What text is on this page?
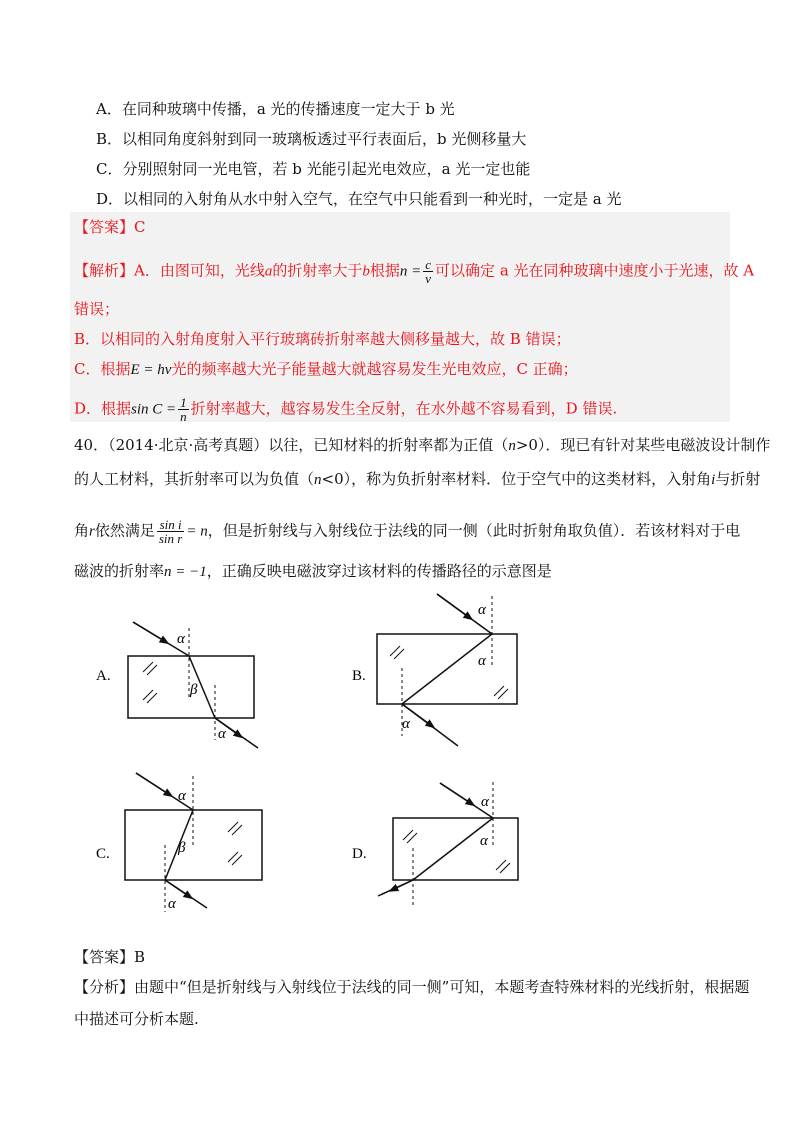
A．在同种玻璃中传播，a 光的传播速度一定大于 b 光
B．以相同角度斜射到同一玻璃板透过平行表面后，b 光侧移量大
C．分别照射同一光电管，若 b 光能引起光电效应，a 光一定也能
D．以相同的入射角从水中射入空气，在空气中只能看到一种光时，一定是 a 光
【答案】C
【解析】A．由图可知，光线a的折射率大于b根据$n = \frac{c}{v}$ 可以确定 a 光在同种玻璃中速度小于光速，故 A
错误；
B．以相同的入射角度射入平行玻璃砖折射率越大侧移量越大，故 B 错误；
C．根据E = hν光的频率越大光子能量越大就越容易发生光电效应，C 正确；
D．根据$\sin C = \frac{1}{n}$ 折射率越大，越容易发生全反射，在水外越不容易看到，D 错误.
40．（2014·北京·高考真题）以往，已知材料的折射率都为正值（n>0）．现已有针对某些电磁波设计制作
的人工材料，其折射率可以为负值（n<0），称为负折射率材料．位于空气中的这类材料，入射角i与折射
角r依然满足 $\frac{\text{sin i}}{\text{sin r}} = n$，但是折射线与入射线位于法线的同一侧（此时折射角取负值）．若该材料对于电
磁波的折射率n = −1，正确反映电磁波穿过该材料的传播路径的示意图是
A.
α
β
α
B.
α
α
α
C.
α
β
α
D.
α
α
【答案】B
【分析】由题中“但是折射线与入射线位于法线的同一侧”可知，本题考查特殊材料的光线折射，根据题
中描述可分析本题.
